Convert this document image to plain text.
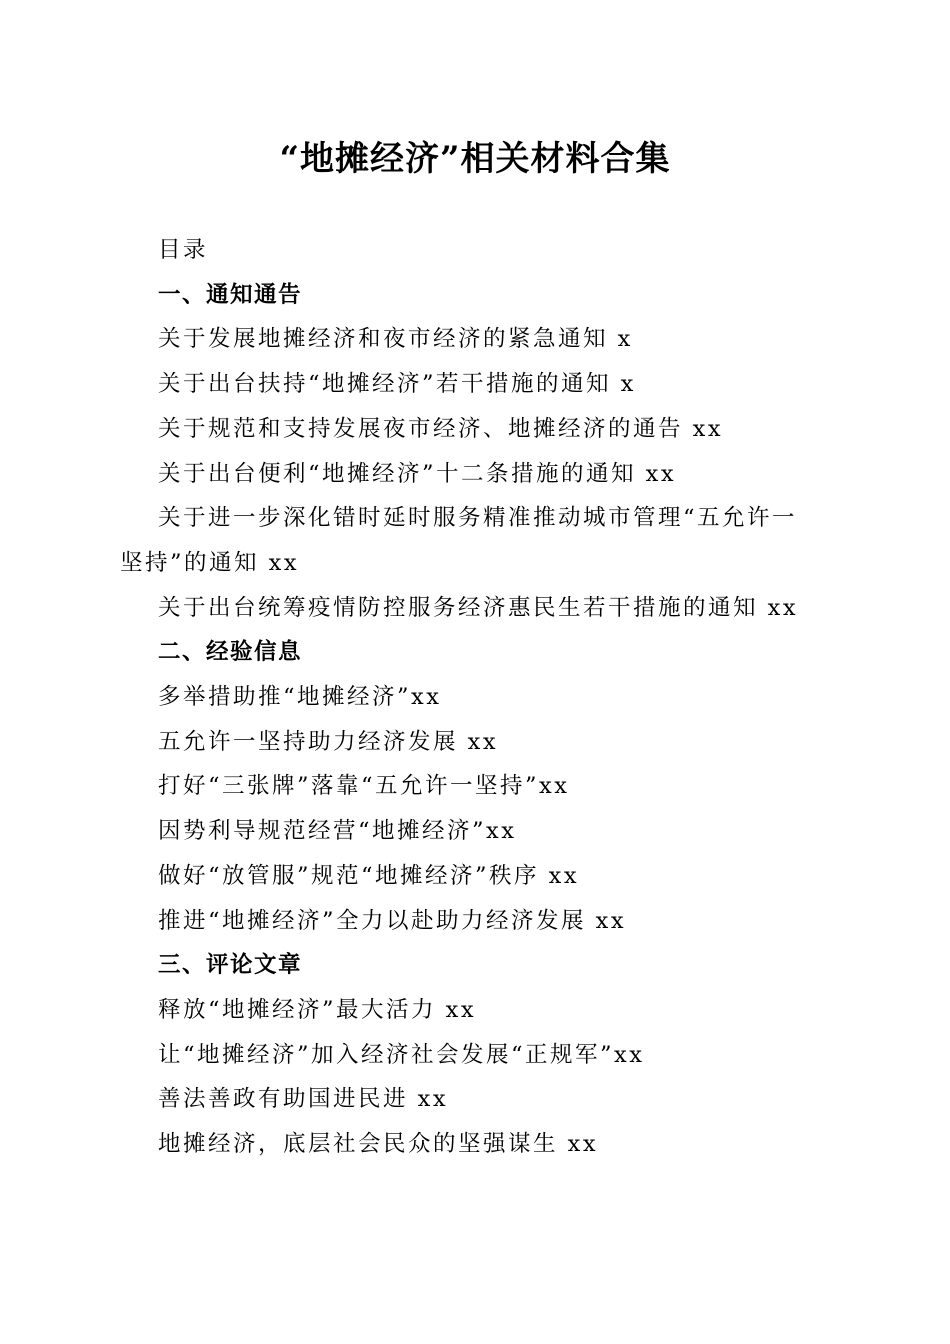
“地摊经济”相关材料合集
目录
一、通知通告
关于发展地摊经济和夜市经济的紧急通知 x
关于出台扶持“地摊经济”若干措施的通知 x
关于规范和支持发展夜市经济、地摊经济的通告 xx
关于出台便利“地摊经济”十二条措施的通知 xx
关于进一步深化错时延时服务精准推动城市管理“五允许一
坚持”的通知 xx
关于出台统筹疫情防控服务经济惠民生若干措施的通知 xx
二、经验信息
多举措助推“地摊经济”xx
五允许一坚持助力经济发展 xx
打好“三张牌”落靠“五允许一坚持”xx
因势利导规范经营“地摊经济”xx
做好“放管服”规范“地摊经济”秩序 xx
推进“地摊经济”全力以赴助力经济发展 xx
三、评论文章
释放“地摊经济”最大活力 xx
让“地摊经济”加入经济社会发展“正规军”xx
善法善政有助国进民进 xx
地摊经济，底层社会民众的坚强谋生 xx
